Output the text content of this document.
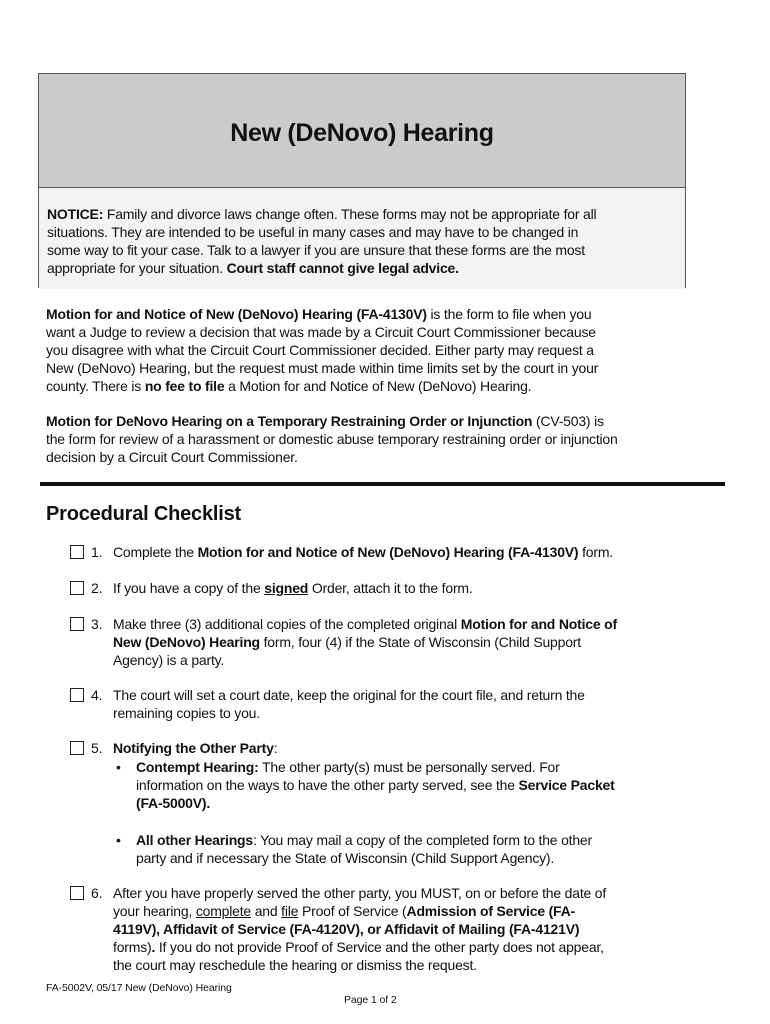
New (DeNovo) Hearing
NOTICE: Family and divorce laws change often. These forms may not be appropriate for all
situations. They are intended to be useful in many cases and may have to be changed in
some way to fit your case. Talk to a lawyer if you are unsure that these forms are the most
appropriate for your situation. Court staff cannot give legal advice.
Motion for and Notice of New (DeNovo) Hearing (FA-4130V) is the form to file when you
want a Judge to review a decision that was made by a Circuit Court Commissioner because
you disagree with what the Circuit Court Commissioner decided. Either party may request a
New (DeNovo) Hearing, but the request must made within time limits set by the court in your
county. There is no fee to file a Motion for and Notice of New (DeNovo) Hearing.
Motion for DeNovo Hearing on a Temporary Restraining Order or Injunction (CV-503) is
the form for review of a harassment or domestic abuse temporary restraining order or injunction
decision by a Circuit Court Commissioner.
Procedural Checklist
1. Complete the Motion for and Notice of New (DeNovo) Hearing (FA-4130V) form.
2. If you have a copy of the signed Order, attach it to the form.
3. Make three (3) additional copies of the completed original Motion for and Notice of
New (DeNovo) Hearing form, four (4) if the State of Wisconsin (Child Support
Agency) is a party.
4. The court will set a court date, keep the original for the court file, and return the
remaining copies to you.
5. Notifying the Other Party:
• Contempt Hearing: The other party(s) must be personally served. For
information on the ways to have the other party served, see the Service Packet
(FA-5000V).
• All other Hearings: You may mail a copy of the completed form to the other
party and if necessary the State of Wisconsin (Child Support Agency).
6. After you have properly served the other party, you MUST, on or before the date of
your hearing, complete and file Proof of Service (Admission of Service (FA-
4119V), Affidavit of Service (FA-4120V), or Affidavit of Mailing (FA-4121V)
forms). If you do not provide Proof of Service and the other party does not appear,
the court may reschedule the hearing or dismiss the request.
FA-5002V, 05/17 New (DeNovo) Hearing
Page 1 of 2
